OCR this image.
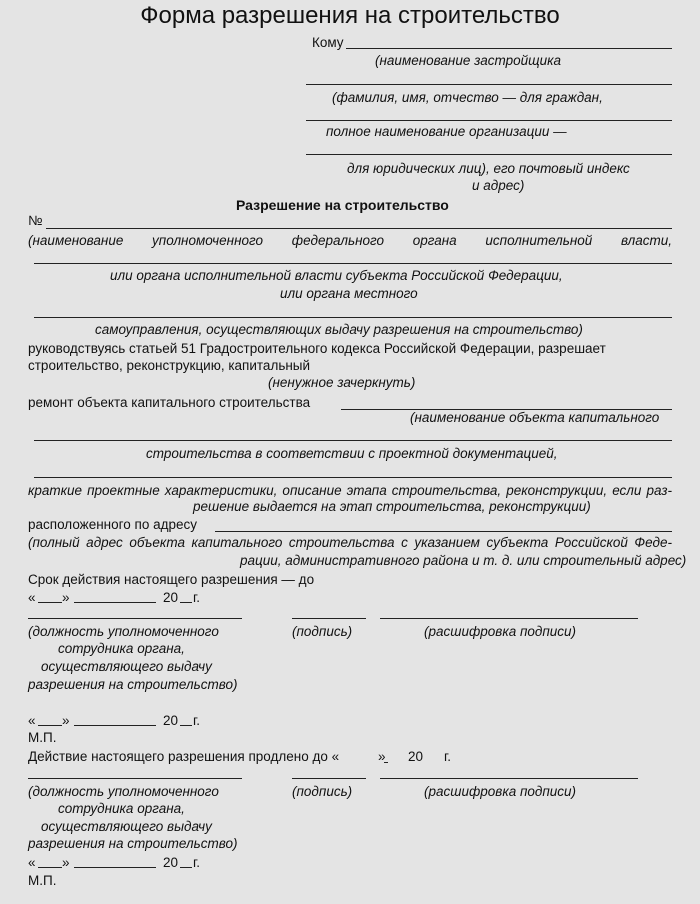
Форма разрешения на строительство
Кому
(наименование застройщика
(фамилия, имя, отчество — для граждан,
полное наименование организации —
для юридических лиц), его почтовый индекс
и адрес)
Разрешение на строительство
№
(наименование уполномоченного федерального органа исполнительной власти,
или органа исполнительной власти субъекта Российской Федерации,
или органа местного
самоуправления, осуществляющих выдачу разрешения на строительство)
руководствуясь статьей 51 Градостроительного кодекса Российской Федерации, разрешает
строительство, реконструкцию, капитальный
(ненужное зачеркнуть)
ремонт объекта капитального строительства
(наименование объекта капитального
строительства в соответствии с проектной документацией,
краткие проектные характеристики, описание этапа строительства, реконструкции, если раз-
решение выдается на этап строительства, реконструкции)
расположенного по адресу
(полный адрес объекта капитального строительства с указанием субъекта Российской Феде-
рации, административного района и т. д. или строительный адрес)
Срок действия настоящего разрешения — до
« »	20 г.
(должность уполномоченного
сотрудника органа,
осуществляющего выдачу
разрешения на строительство)
(подпись)	(расшифровка подписи)
« »	20 г.
М.П.
Действие настоящего разрешения продлено до «	» 20 г.
(должность уполномоченного
сотрудника органа,
осуществляющего выдачу
разрешения на строительство)
(подпись)	(расшифровка подписи)
« »	20 г.
М.П.
